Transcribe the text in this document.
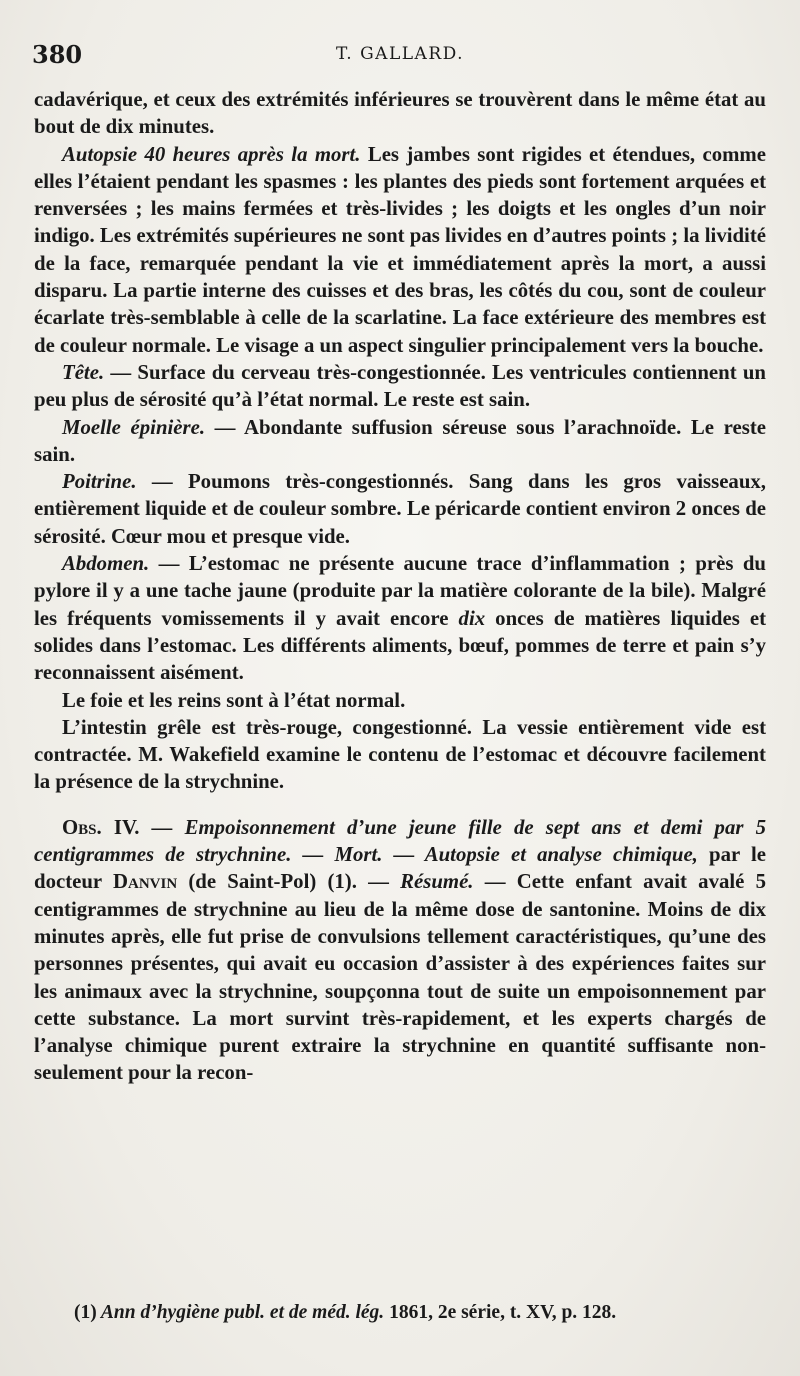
380	T. GALLARD.

cadavérique, et ceux des extrémités inférieures se trouvèrent dans le même état au bout de dix minutes.

Autopsie 40 heures après la mort. Les jambes sont rigides et étendues, comme elles l’étaient pendant les spasmes : les plantes des pieds sont fortement arquées et renversées ; les mains fermées et très-livides ; les doigts et les ongles d’un noir indigo. Les extrémités supérieures ne sont pas livides en d’autres points ; la lividité de la face, remarquée pendant la vie et immédiatement après la mort, a aussi disparu. La partie interne des cuisses et des bras, les côtés du cou, sont de couleur écarlate très-semblable à celle de la scarlatine. La face extérieure des membres est de couleur normale. Le visage a un aspect singulier principalement vers la bouche.

Tête. — Surface du cerveau très-congestionnée. Les ventricules contiennent un peu plus de sérosité qu’à l’état normal. Le reste est sain.

Moelle épinière. — Abondante suffusion séreuse sous l’arachnoïde. Le reste sain.

Poitrine. — Poumons très-congestionnés. Sang dans les gros vaisseaux, entièrement liquide et de couleur sombre. Le péricarde contient environ 2 onces de sérosité. Cœur mou et presque vide.

Abdomen. — L’estomac ne présente aucune trace d’inflammation ; près du pylore il y a une tache jaune (produite par la matière colorante de la bile). Malgré les fréquents vomissements il y avait encore dix onces de matières liquides et solides dans l’estomac. Les différents aliments, bœuf, pommes de terre et pain s’y reconnaissent aisément.

Le foie et les reins sont à l’état normal.

L’intestin grêle est très-rouge, congestionné. La vessie entièrement vide est contractée. M. Wakefield examine le contenu de l’estomac et découvre facilement la présence de la strychnine.

Obs. IV. — Empoisonnement d’une jeune fille de sept ans et demi par 5 centigrammes de strychnine. — Mort. — Autopsie et analyse chimique, par le docteur Danvin (de Saint-Pol) (1). — Résumé. — Cette enfant avait avalé 5 centigrammes de strychnine au lieu de la même dose de santonine. Moins de dix minutes après, elle fut prise de convulsions tellement caractéristiques, qu’une des personnes présentes, qui avait eu occasion d’assister à des expériences faites sur les animaux avec la strychnine, soupçonna tout de suite un empoisonnement par cette substance. La mort survint très-rapidement, et les experts chargés de l’analyse chimique purent extraire la strychnine en quantité suffisante non-seulement pour la recon-

(1) Ann d’hygiène publ. et de méd. lég. 1861, 2e série, t. XV, p. 128.
